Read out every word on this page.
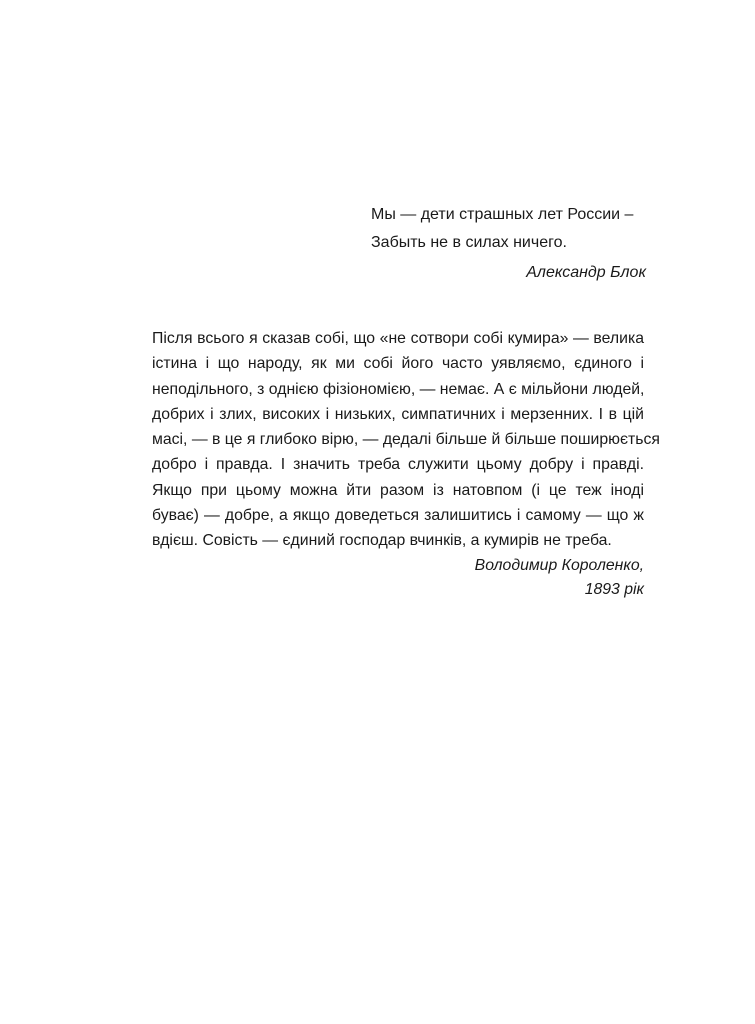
Мы — дети страшных лет России –

Забыть не в силах ничего.

Александр Блок

Після всього я сказав собі, що «не сотвори собі кумира» — велика

істина і що народу, як ми собі його часто уявляємо, єдиного і

неподільного, з однією фізіономією, — немає. А є мільйони людей,

добрих і злих, високих і низьких, симпатичних і мерзенних. І в цій

масі, — в це я глибоко вірю, — дедалі більше й більше поширюється

добро і правда. І значить треба служити цьому добру і правді.

Якщо при цьому можна йти разом із натовпом (і це теж іноді

буває) — добре, а якщо доведеться залишитись і самому — що ж

вдієш. Совість — єдиний господар вчинків, а кумирів не треба.

Володимир Короленко,
1893 рік
